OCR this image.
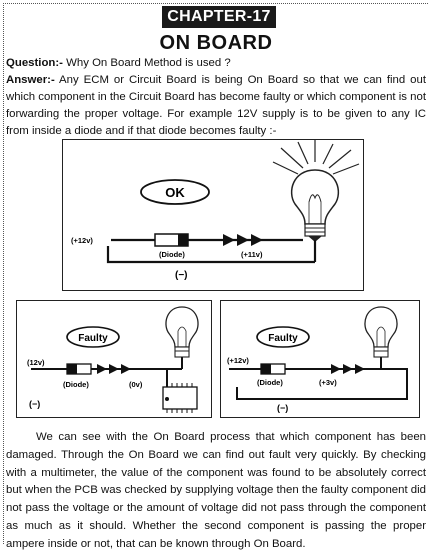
CHAPTER-17
ON BOARD
Question:- Why On Board Method is used ?
Answer:- Any ECM or Circuit Board is being On Board so that we can find out which component in the Circuit Board has become faulty or which component is not forwarding the proper voltage. For example 12V supply is to be given to any IC from inside a diode and if that diode becomes faulty :-
OK
(+12v)
(Diode)	(+11v)
(−)
Faulty
(12v)
(Diode)	(0v)
(−)
Faulty
(+12v)
(Diode)	(+3v)
(−)
We can see with the On Board process that which component has been damaged. Through the On Board we can find out fault very quickly. By checking with a multimeter, the value of the component was found to be absolutely correct but when the PCB was checked by supplying voltage then the faulty component did not pass the voltage or the amount of voltage did not pass through the component as much as it should. Whether the second component is passing the proper ampere inside or not, that can be known through On Board.
